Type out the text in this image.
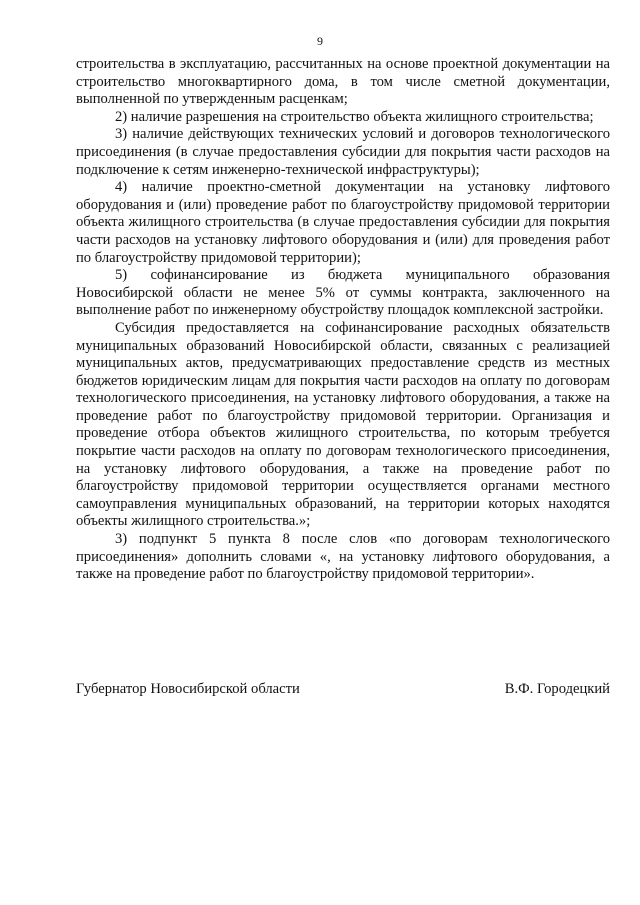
9

строительства в эксплуатацию, рассчитанных на основе проектной документации на строительство многоквартирного дома, в том числе сметной документации, выполненной по утвержденным расценкам;

2) наличие разрешения на строительство объекта жилищного строительства;

3) наличие действующих технических условий и договоров технологического присоединения (в случае предоставления субсидии для покрытия части расходов на подключение к сетям инженерно-технической инфраструктуры);

4) наличие проектно-сметной документации на установку лифтового оборудования и (или) проведение работ по благоустройству придомовой территории объекта жилищного строительства (в случае предоставления субсидии для покрытия части расходов на установку лифтового оборудования и (или) для проведения работ по благоустройству придомовой территории);

5) софинансирование из бюджета муниципального образования Новосибирской области не менее 5% от суммы контракта, заключенного на выполнение работ по инженерному обустройству площадок комплексной застройки.

Субсидия предоставляется на софинансирование расходных обязательств муниципальных образований Новосибирской области, связанных с реализацией муниципальных актов, предусматривающих предоставление средств из местных бюджетов юридическим лицам для покрытия части расходов на оплату по договорам технологического присоединения, на установку лифтового оборудования, а также на проведение работ по благоустройству придомовой территории. Организация и проведение отбора объектов жилищного строительства, по которым требуется покрытие части расходов на оплату по договорам технологического присоединения, на установку лифтового оборудования, а также на проведение работ по благоустройству придомовой территории осуществляется органами местного самоуправления муниципальных образований, на территории которых находятся объекты жилищного строительства.»;

3) подпункт 5 пункта 8 после слов «по договорам технологического присоединения» дополнить словами «, на установку лифтового оборудования, а также на проведение работ по благоустройству придомовой территории».

Губернатор Новосибирской области	В.Ф. Городецкий
